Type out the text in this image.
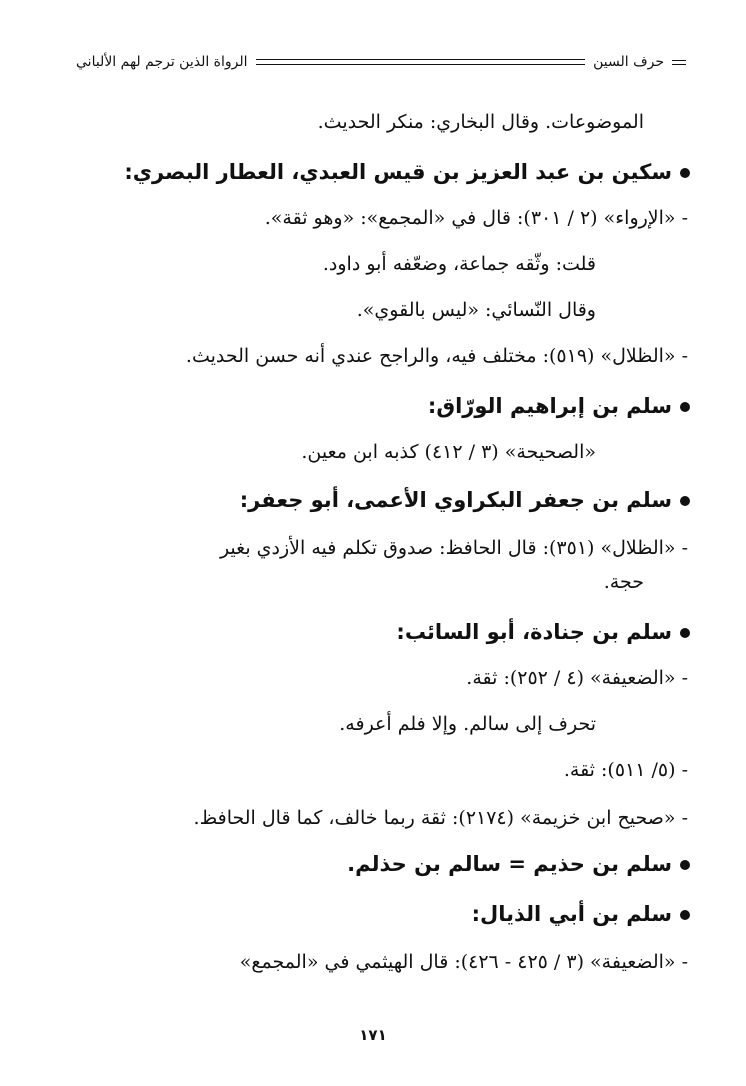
حرف السين
الرواة الذين ترجم لهم الألباني
الموضوعات. وقال البخاري: منكر الحديث.
سكين بن عبد العزيز بن قيس العبدي، العطار البصري:
- «الإرواء» (٢ / ٣٠١): قال في «المجمع»: «وهو ثقة».
قلت: وثّقه جماعة، وضعّفه أبو داود.
وقال النّسائي: «ليس بالقوي».
- «الظلال» (٥١٩): مختلف فيه، والراجح عندي أنه حسن الحديث.
سلم بن إبراهيم الورّاق:
«الصحيحة» (٣ / ٤١٢) كذبه ابن معين.
سلم بن جعفر البكراوي الأعمى، أبو جعفر:
- «الظلال» (٣٥١): قال الحافظ: صدوق تكلم فيه الأزدي بغير
حجة.
سلم بن جنادة، أبو السائب:
- «الضعيفة» (٤ / ٢٥٢): ثقة.
تحرف إلى سالم. وإلا فلم أعرفه.
- (٥/ ٥١١): ثقة.
- «صحيح ابن خزيمة» (٢١٧٤): ثقة ربما خالف، كما قال الحافظ.
سلم بن حذيم = سالم بن حذلم.
سلم بن أبي الذيال:
- «الضعيفة» (٣ / ٤٢٥ - ٤٢٦): قال الهيثمي في «المجمع»
١٧١
